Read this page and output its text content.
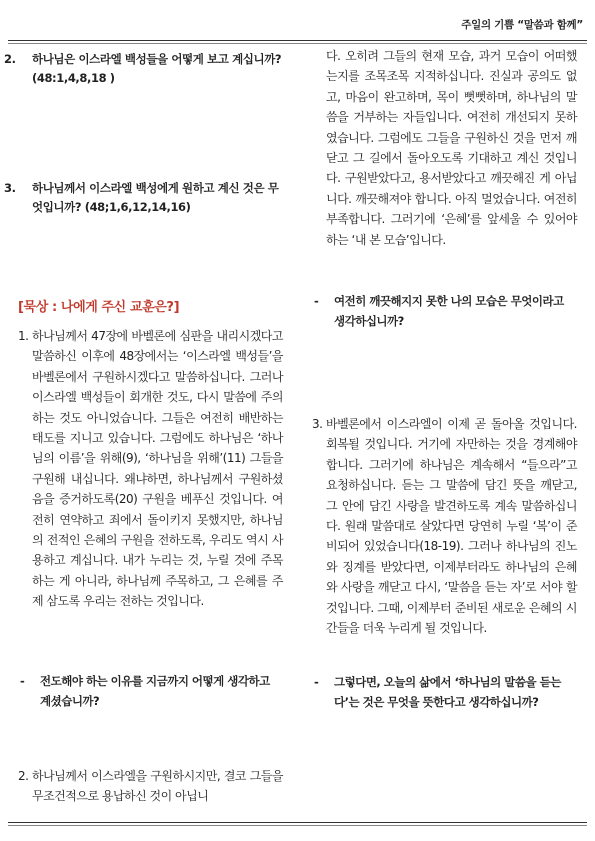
주일의 기쁨 “말씀과 함께”
2. 하나님은 이스라엘 백성들을 어떻게 보고 계십니까? (48:1,4,8,18 )
3. 하나님께서 이스라엘 백성에게 원하고 계신 것은 무엇입니까? (48;1,6,12,14,16)
[묵상 : 나에게 주신 교훈은?]
1. 하나님께서 47장에 바벨론에 심판을 내리시겠다고 말씀하신 이후에 48장에서는 ‘이스라엘 백성들’을 바벨론에서 구원하시겠다고 말씀하십니다. 그러나 이스라엘 백성들이 회개한 것도, 다시 말씀에 주의하는 것도 아니었습니다. 그들은 여전히 배반하는 태도를 지니고 있습니다. 그럼에도 하나님은 ‘하나님의 이름’을 위해(9), ‘하나님을 위해’(11) 그들을 구원해 내십니다. 왜냐하면, 하나님께서 구원하셨음을 증거하도록(20) 구원을 베푸신 것입니다. 여전히 연약하고 죄에서 돌이키지 못했지만, 하나님의 전적인 은혜의 구원을 전하도록, 우리도 역시 사용하고 계십니다. 내가 누리는 것, 누릴 것에 주목하는 게 아니라, 하나님께 주목하고, 그 은혜를 주제 삼도록 우리는 전하는 것입니다.
-	전도해야 하는 이유를 지금까지 어떻게 생각하고 계셨습니까?
2. 하나님께서 이스라엘을 구원하시지만, 결코 그들을 무조건적으로 용납하신 것이 아닙니
다. 오히려 그들의 현재 모습, 과거 모습이 어떠했는지를 조목조목 지적하십니다. 진실과 공의도 없고, 마음이 완고하며, 목이 뻣뻣하며, 하나님의 말씀을 거부하는 자들입니다. 여전히 개선되지 못하였습니다. 그럼에도 그들을 구원하신 것을 먼저 깨닫고 그 길에서 돌아오도록 기대하고 계신 것입니다. 구원받았다고, 용서받았다고 깨끗해진 게 아닙니다. 깨끗해져야 합니다. 아직 멀었습니다. 여전히 부족합니다. 그러기에 ‘은혜’를 앞세울 수 있어야 하는 ‘내 본 모습’입니다.
-	여전히 깨끗해지지 못한 나의 모습은 무엇이라고 생각하십니까?
3. 바벨론에서 이스라엘이 이제 곧 돌아올 것입니다. 회복될 것입니다. 거기에 자만하는 것을 경계해야 합니다. 그러기에 하나님은 계속해서 “들으라”고 요청하십니다. 듣는 그 말씀에 담긴 뜻을 깨닫고, 그 안에 담긴 사랑을 발견하도록 계속 말씀하십니다. 원래 말씀대로 살았다면 당연히 누릴 ‘복’이 준비되어 있었습니다(18-19). 그러나 하나님의 진노와 징계를 받았다면, 이제부터라도 하나님의 은혜와 사랑을 깨닫고 다시, ‘말씀을 듣는 자’로 서야 할 것입니다. 그때, 이제부터 준비된 새로운 은혜의 시간들을 더욱 누리게 될 것입니다.
-	그렇다면, 오늘의 삶에서 ‘하나님의 말씀을 듣는다’는 것은 무엇을 뜻한다고 생각하십니까?
